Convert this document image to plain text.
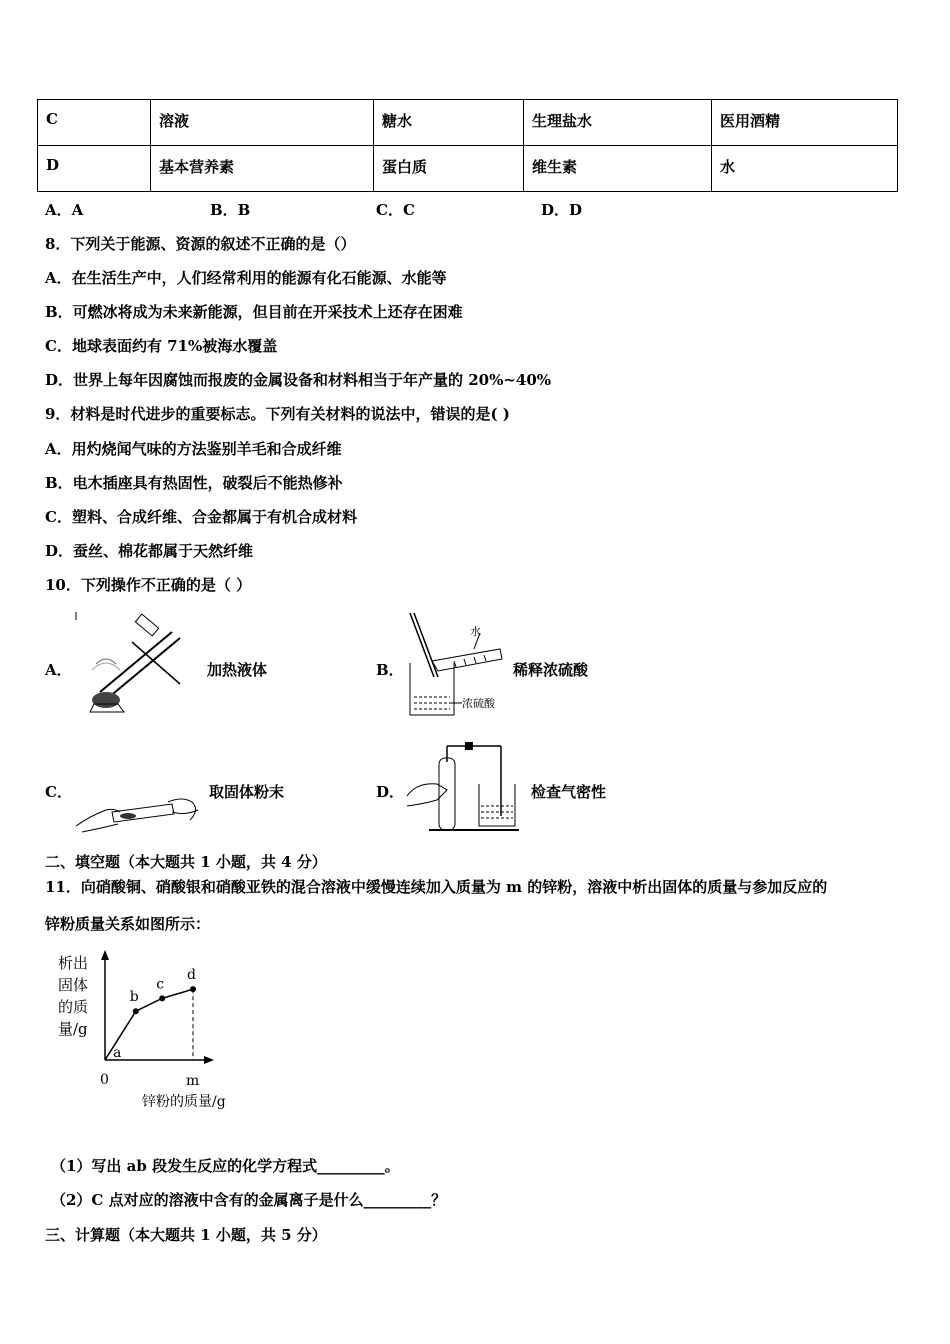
C	溶液	糖水	生理盐水	医用酒精
D	基本营养素	蛋白质	维生素	水
A．A	B．B	C．C	D．D
8．下列关于能源、资源的叙述不正确的是（）
A．在生活生产中，人们经常利用的能源有化石能源、水能等
B．可燃冰将成为未来新能源，但目前在开采技术上还存在困难
C．地球表面约有 71%被海水覆盖
D．世界上每年因腐蚀而报废的金属设备和材料相当于年产量的 20%~40%
9．材料是时代进步的重要标志。下列有关材料的说法中，错误的是( )
A．用灼烧闻气味的方法鉴别羊毛和合成纤维
B．电木插座具有热固性，破裂后不能热修补
C．塑料、合成纤维、合金都属于有机合成材料
D．蚕丝、棉花都属于天然纤维
10．下列操作不正确的是（ ）
A．	加热液体	B．
水
浓硫酸
稀释浓硫酸
C．	取固体粉末	D．	检查气密性
二、填空题（本大题共 1 小题，共 4 分）
11．向硝酸铜、硝酸银和硝酸亚铁的混合溶液中缓慢连续加入质量为 m 的锌粉，溶液中析出固体的质量与参加反应的
锌粉质量关系如图所示：
析出
固体
的质
量/g
a
b
c
d
0	m
锌粉的质量/g
（1）写出 ab 段发生反应的化学方程式_________。
（2）C 点对应的溶液中含有的金属离子是什么_________？
三、计算题（本大题共 1 小题，共 5 分）
